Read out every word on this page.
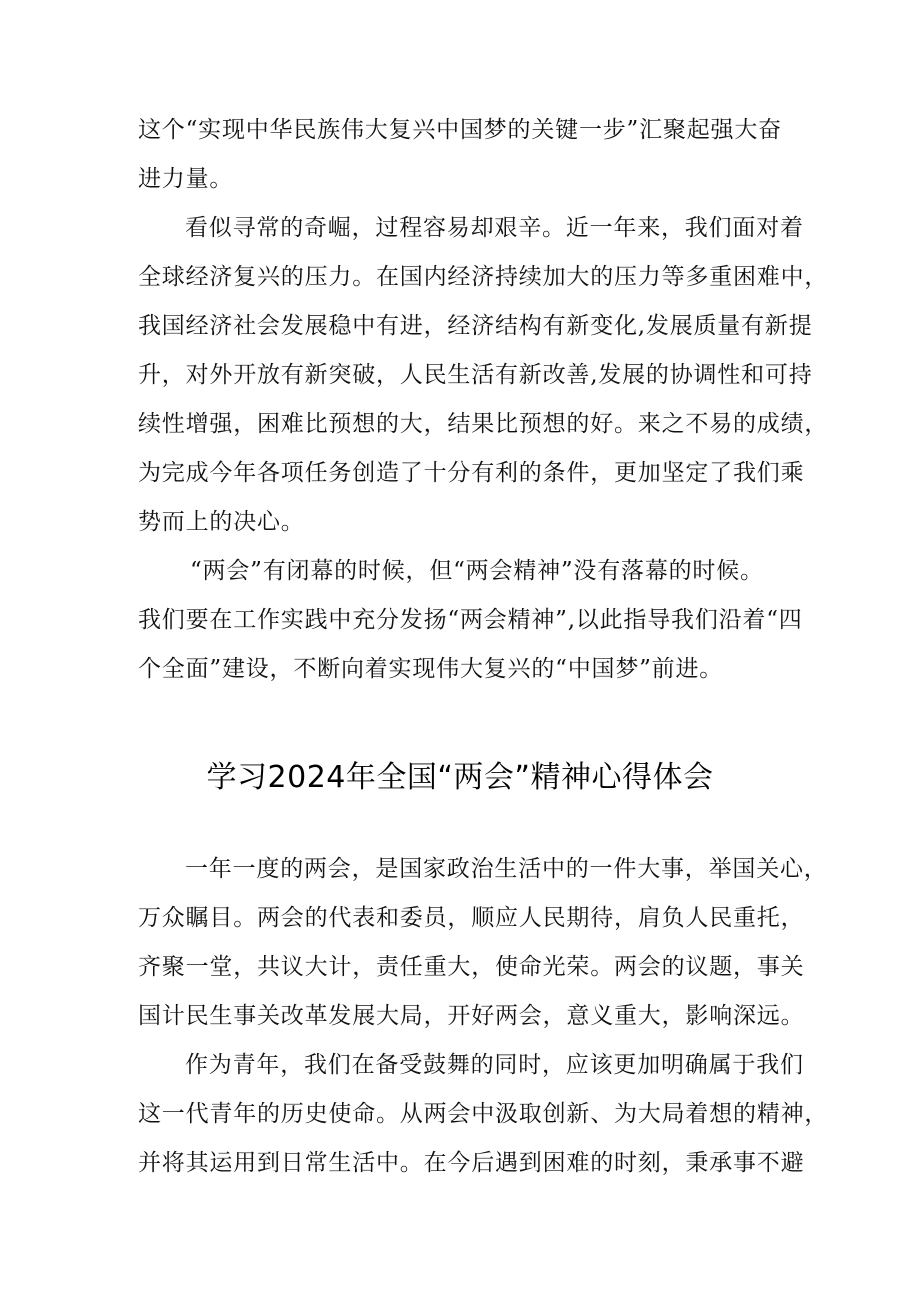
这个“实现中华民族伟大复兴中国梦的关键一步”汇聚起强大奋
进力量。
看似寻常的奇崛，过程容易却艰辛。近一年来，我们面对着
全球经济复兴的压力。在国内经济持续加大的压力等多重困难中，
我国经济社会发展稳中有进，经济结构有新变化,发展质量有新提
升，对外开放有新突破，人民生活有新改善,发展的协调性和可持
续性增强，困难比预想的大，结果比预想的好。来之不易的成绩，
为完成今年各项任务创造了十分有利的条件，更加坚定了我们乘
势而上的决心。
“两会”有闭幕的时候，但“两会精神”没有落幕的时候。
我们要在工作实践中充分发扬“两会精神”,以此指导我们沿着“四
个全面”建设，不断向着实现伟大复兴的“中国梦”前进。
学习2024年全国“两会”精神心得体会
一年一度的两会，是国家政治生活中的一件大事，举国关心，
万众瞩目。两会的代表和委员，顺应人民期待，肩负人民重托，
齐聚一堂，共议大计，责任重大，使命光荣。两会的议题，事关
国计民生事关改革发展大局，开好两会，意义重大，影响深远。
作为青年，我们在备受鼓舞的同时，应该更加明确属于我们
这一代青年的历史使命。从两会中汲取创新、为大局着想的精神，
并将其运用到日常生活中。在今后遇到困难的时刻，秉承事不避
